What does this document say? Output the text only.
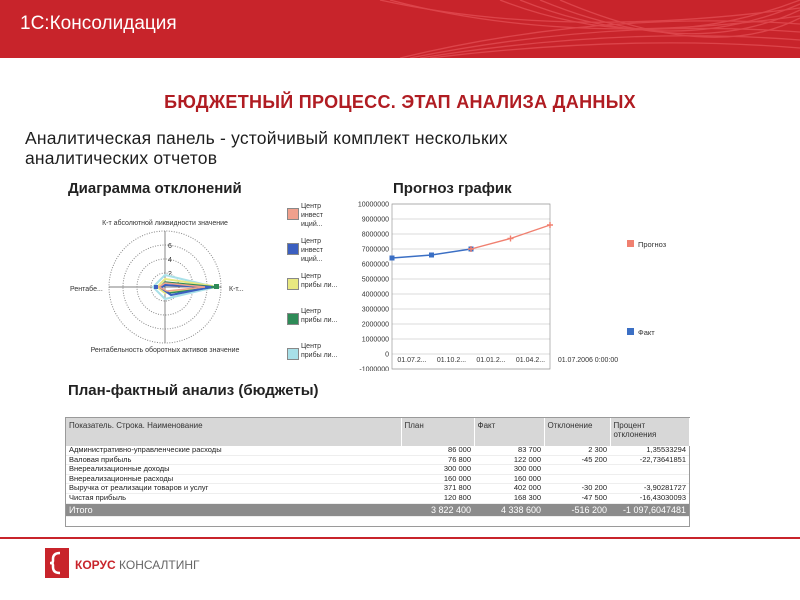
1С:Консолидация
БЮДЖЕТНЫЙ ПРОЦЕСС. ЭТАП АНАЛИЗА ДАННЫХ
Аналитическая панель - устойчивый комплект нескольких
аналитических отчетов
Диаграмма отклонений
К-т абсолютной ликвидности значение
Рентабе...	К-т...
Рентабельность оборотных активов значение
6
4
2
Центр инвест иций...
Центр инвест иций...
Центр прибы ли...
Центр прибы ли...
Центр прибы ли...
Прогноз график
10000000
9000000
8000000
7000000
6000000
5000000
4000000
3000000
2000000
1000000
0
-1000000
01.07.2... 01.10.2... 01.01.2... 01.04.2... 01.07.2006 0:00:00
Прогноз
Факт
План-фактный анализ (бюджеты)
Показатель. Строка. Наименование	План	Факт	Отклонение	Процент отклонения
Административно-управленческие расходы	86 000	83 700	2 300	1,35533294
Валовая прибыль	76 800	122 000	-45 200	-22,73641851
Внереализационные доходы	300 000	300 000		
Внереализационные расходы	160 000	160 000		
Выручка от реализации товаров и услуг	371 800	402 000	-30 200	-3,90281727
Чистая прибыль	120 800	168 300	-47 500	-16,43030093
Итого	3 822 400	4 338 600	-516 200	-1 097,6047481
КОРУС КОНСАЛТИНГ
